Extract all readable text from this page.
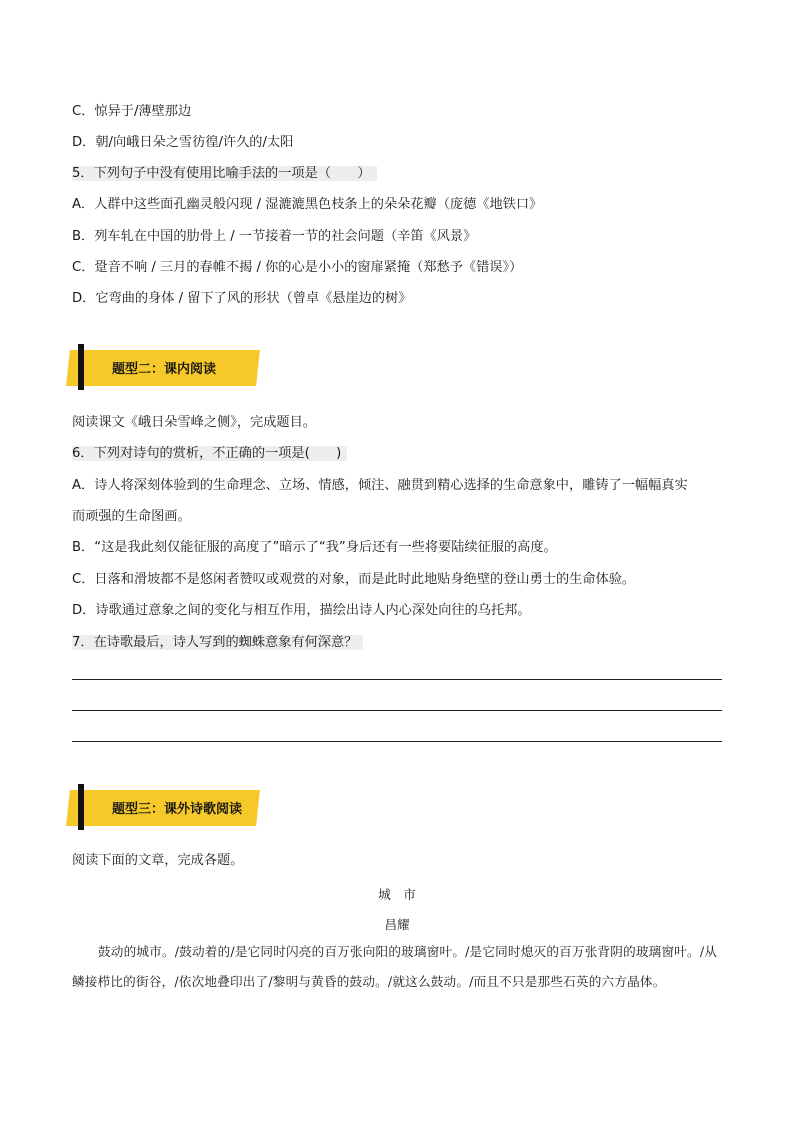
C．惊异于/薄壁那边
D．朝/向峨日朵之雪彷徨/许久的/太阳
5．下列句子中没有使用比喻手法的一项是（　　）
A．人群中这些面孔幽灵般闪现 / 湿漉漉黑色枝条上的朵朵花瓣（庞德《地铁口》
B．列车轧在中国的肋骨上 / 一节接着一节的社会问题（辛笛《风景》
C．跫音不响 / 三月的春帷不揭 / 你的心是小小的窗扉紧掩（郑愁予《错误》）
D．它弯曲的身体 / 留下了风的形状（曾卓《悬崖边的树》
题型二：课内阅读
阅读课文《峨日朵雪峰之侧》，完成题目。
6．下列对诗句的赏析，不正确的一项是(　　)
A．诗人将深刻体验到的生命理念、立场、情感，倾注、融贯到精心选择的生命意象中，雕铸了一幅幅真实
而顽强的生命图画。
B．“这是我此刻仅能征服的高度了”暗示了“我”身后还有一些将要陆续征服的高度。
C．日落和滑坡都不是悠闲者赞叹或观赏的对象，而是此时此地贴身绝壁的登山勇士的生命体验。
D．诗歌通过意象之间的变化与相互作用，描绘出诗人内心深处向往的乌托邦。
7．在诗歌最后，诗人写到的蜘蛛意象有何深意？
题型三：课外诗歌阅读
阅读下面的文章，完成各题。
城　市
昌耀
鼓动的城市。/鼓动着的/是它同时闪亮的百万张向阳的玻璃窗叶。/是它同时熄灭的百万张背阴的玻璃窗叶。/从鳞接栉比的街谷，/依次地叠印出了/黎明与黄昏的鼓动。/就这么鼓动。/而且不只是那些石英的六方晶体。
